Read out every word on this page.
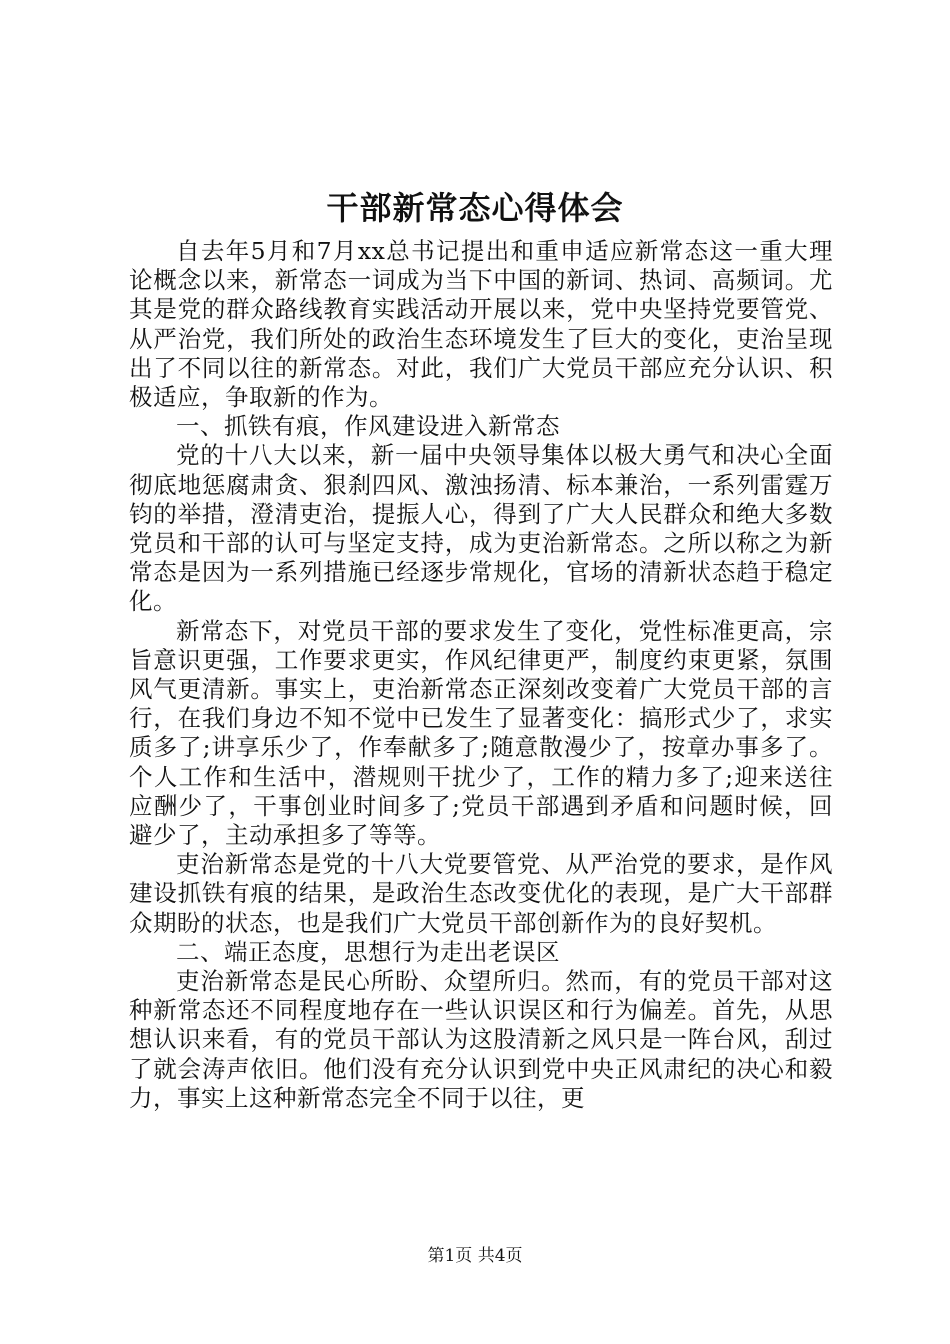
干部新常态心得体会

自去年5月和7月xx总书记提出和重申适应新常态这一重大理论概念以来，新常态一词成为当下中国的新词、热词、高频词。尤其是党的群众路线教育实践活动开展以来，党中央坚持党要管党、从严治党，我们所处的政治生态环境发生了巨大的变化，吏治呈现出了不同以往的新常态。对此，我们广大党员干部应充分认识、积极适应，争取新的作为。

一、抓铁有痕，作风建设进入新常态

党的十八大以来，新一届中央领导集体以极大勇气和决心全面彻底地惩腐肃贪、狠刹四风、激浊扬清、标本兼治，一系列雷霆万钧的举措，澄清吏治，提振人心，得到了广大人民群众和绝大多数党员和干部的认可与坚定支持，成为吏治新常态。之所以称之为新常态是因为一系列措施已经逐步常规化，官场的清新状态趋于稳定化。

新常态下，对党员干部的要求发生了变化，党性标准更高，宗旨意识更强，工作要求更实，作风纪律更严，制度约束更紧，氛围风气更清新。事实上，吏治新常态正深刻改变着广大党员干部的言行，在我们身边不知不觉中已发生了显著变化：搞形式少了，求实质多了;讲享乐少了，作奉献多了;随意散漫少了，按章办事多了。个人工作和生活中，潜规则干扰少了，工作的精力多了;迎来送往应酬少了，干事创业时间多了;党员干部遇到矛盾和问题时候，回避少了，主动承担多了等等。

吏治新常态是党的十八大党要管党、从严治党的要求，是作风建设抓铁有痕的结果，是政治生态改变优化的表现，是广大干部群众期盼的状态，也是我们广大党员干部创新作为的良好契机。

二、端正态度，思想行为走出老误区

吏治新常态是民心所盼、众望所归。然而，有的党员干部对这种新常态还不同程度地存在一些认识误区和行为偏差。首先，从思想认识来看，有的党员干部认为这股清新之风只是一阵台风，刮过了就会涛声依旧。他们没有充分认识到党中央正风肃纪的决心和毅力，事实上这种新常态完全不同于以往，更

第1页 共4页
